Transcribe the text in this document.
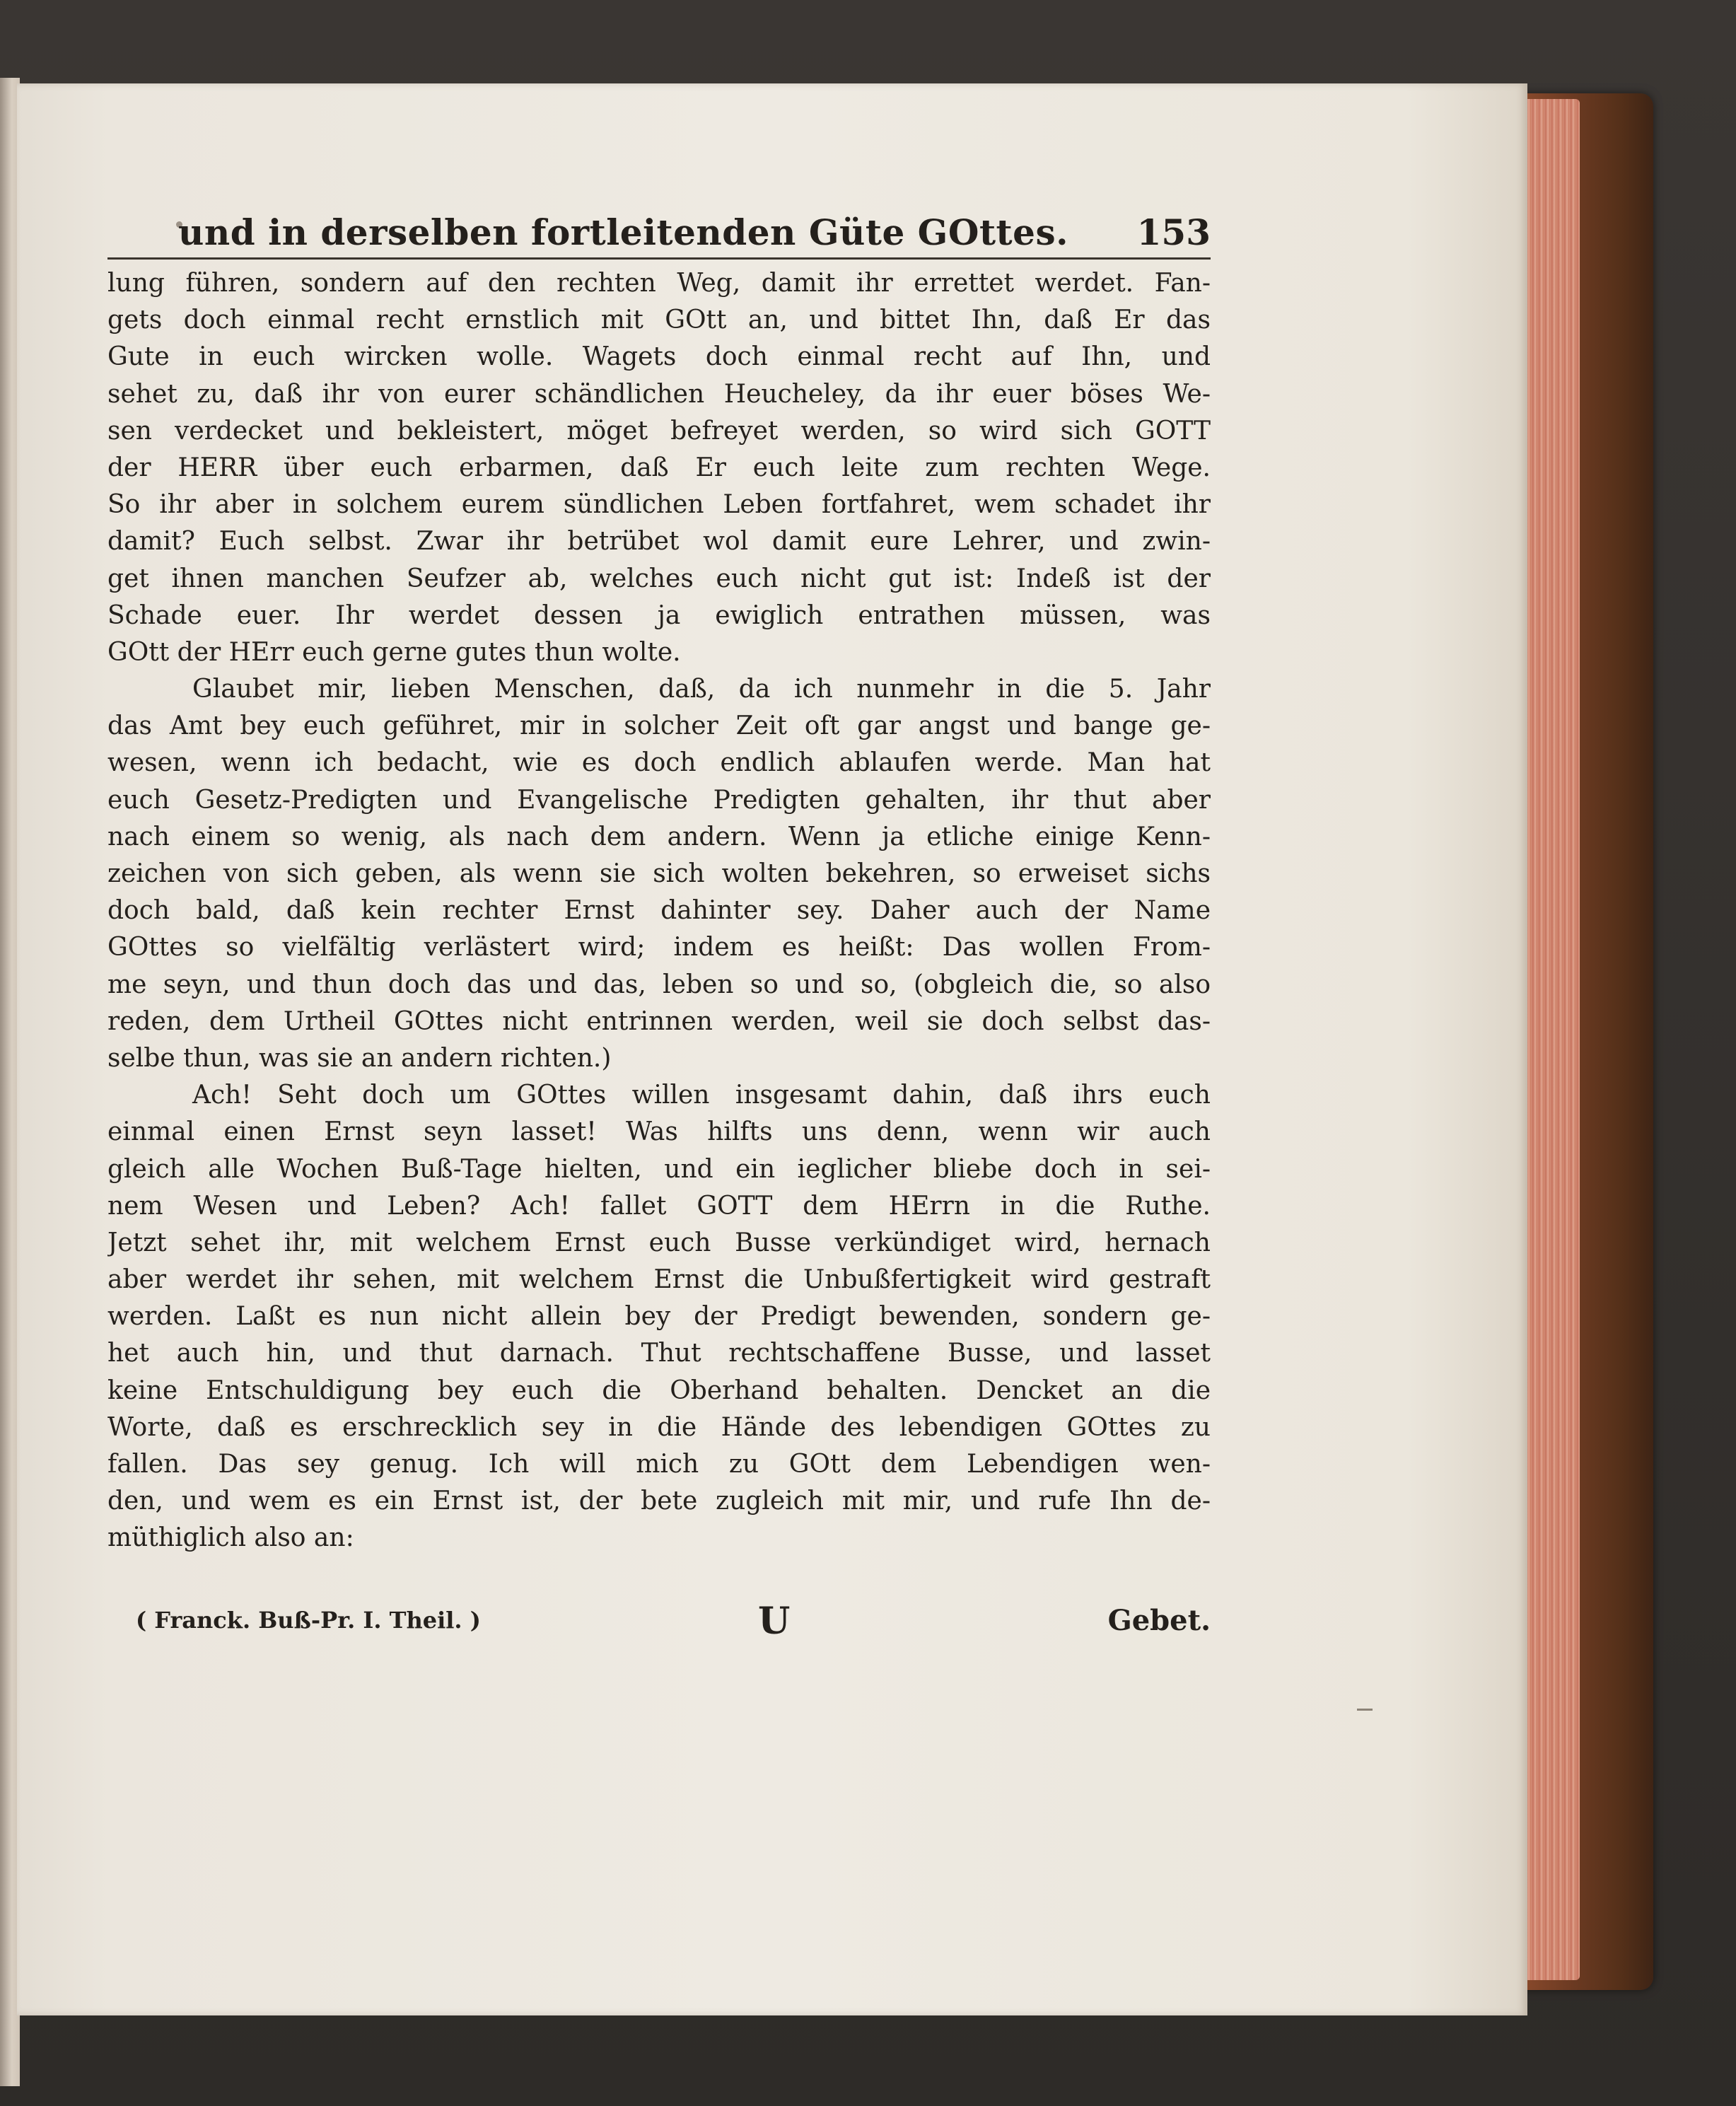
und in derselben fortleitenden Güte GOttes. 153
lung führen, sondern auf den rechten Weg, damit ihr errettet werdet. Fan-
gets doch einmal recht ernstlich mit GOtt an, und bittet Ihn, daß Er das
Gute in euch wircken wolle. Wagets doch einmal recht auf Ihn, und
sehet zu, daß ihr von eurer schändlichen Heucheley, da ihr euer böses We-
sen verdecket und bekleistert, möget befreyet werden, so wird sich GOTT
der HERR über euch erbarmen, daß Er euch leite zum rechten Wege.
So ihr aber in solchem eurem sündlichen Leben fortfahret, wem schadet ihr
damit? Euch selbst. Zwar ihr betrübet wol damit eure Lehrer, und zwin-
get ihnen manchen Seufzer ab, welches euch nicht gut ist: Indeß ist der
Schade euer. Ihr werdet dessen ja ewiglich entrathen müssen, was
GOtt der HErr euch gerne gutes thun wolte.
Glaubet mir, lieben Menschen, daß, da ich nunmehr in die 5. Jahr
das Amt bey euch geführet, mir in solcher Zeit oft gar angst und bange ge-
wesen, wenn ich bedacht, wie es doch endlich ablaufen werde. Man hat
euch Gesetz-Predigten und Evangelische Predigten gehalten, ihr thut aber
nach einem so wenig, als nach dem andern. Wenn ja etliche einige Kenn-
zeichen von sich geben, als wenn sie sich wolten bekehren, so erweiset sichs
doch bald, daß kein rechter Ernst dahinter sey. Daher auch der Name
GOttes so vielfältig verlästert wird; indem es heißt: Das wollen From-
me seyn, und thun doch das und das, leben so und so, (obgleich die, so also
reden, dem Urtheil GOttes nicht entrinnen werden, weil sie doch selbst das-
selbe thun, was sie an andern richten.)
Ach! Seht doch um GOttes willen insgesamt dahin, daß ihrs euch
einmal einen Ernst seyn lasset! Was hilfts uns denn, wenn wir auch
gleich alle Wochen Buß-Tage hielten, und ein ieglicher bliebe doch in sei-
nem Wesen und Leben? Ach! fallet GOTT dem HErrn in die Ruthe.
Jetzt sehet ihr, mit welchem Ernst euch Busse verkündiget wird, hernach
aber werdet ihr sehen, mit welchem Ernst die Unbußfertigkeit wird gestraft
werden. Laßt es nun nicht allein bey der Predigt bewenden, sondern ge-
het auch hin, und thut darnach. Thut rechtschaffene Busse, und lasset
keine Entschuldigung bey euch die Oberhand behalten. Dencket an die
Worte, daß es erschrecklich sey in die Hände des lebendigen GOttes zu
fallen. Das sey genug. Ich will mich zu GOtt dem Lebendigen wen-
den, und wem es ein Ernst ist, der bete zugleich mit mir, und rufe Ihn de-
müthiglich also an:
( Franck. Buß-Pr. I. Theil. )	U	Gebet.
